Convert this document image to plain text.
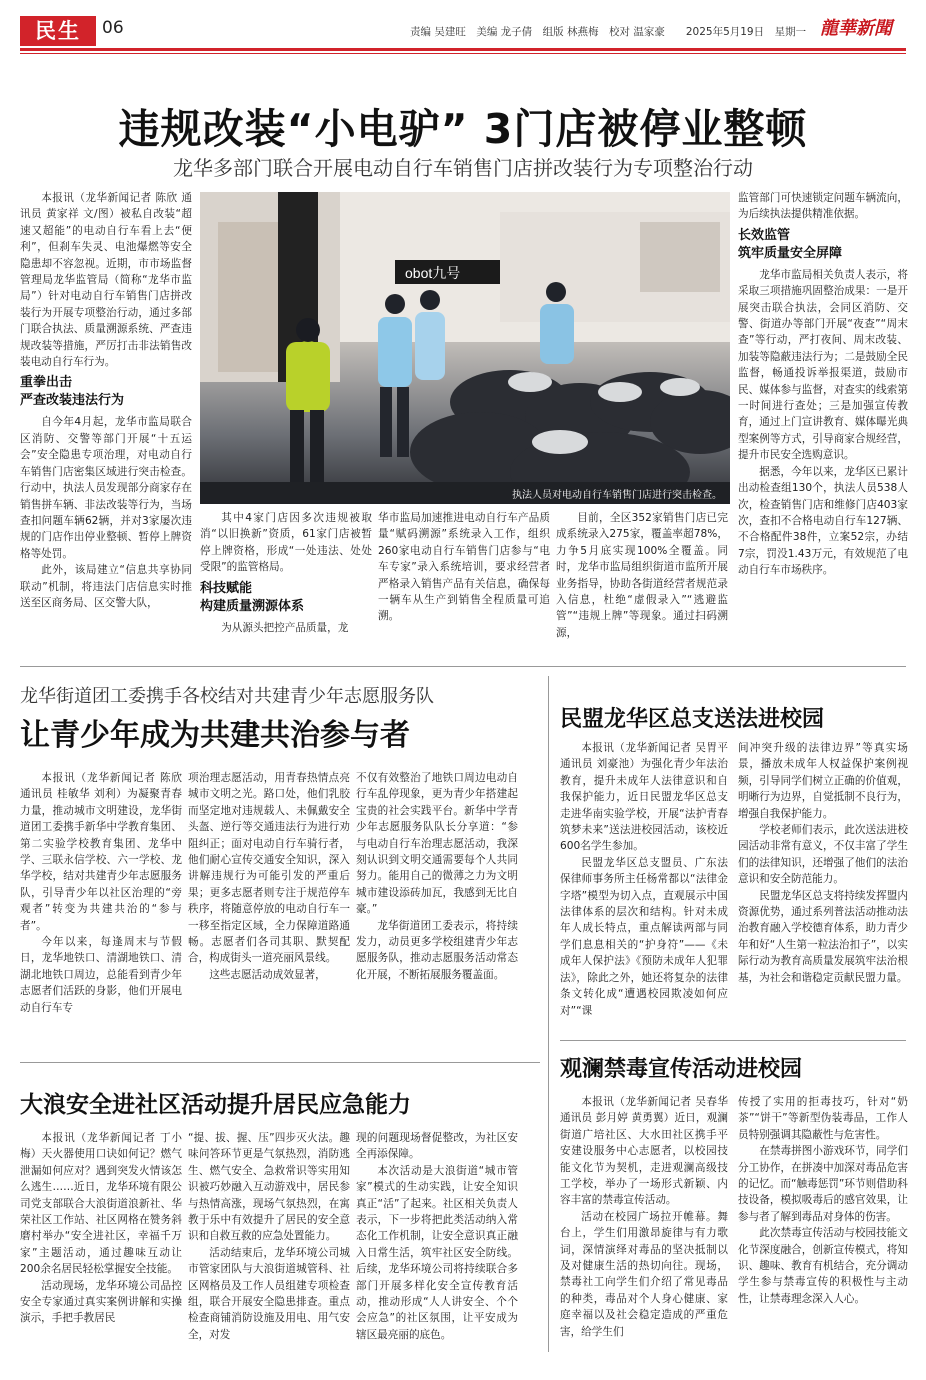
民生	06	责编 吴建旺　美编 龙子倩　组版 林燕梅　校对 温家豪　　2025年5月19日　星期一 龍華新聞
违规改装“小电驴” 3门店被停业整顿
龙华多部门联合开展电动自行车销售门店拼改装行为专项整治行动

本报讯（龙华新闻记者 陈欣 通讯员 黄家祥 文/图）被私自改装“超速又超能”的电动自行车看上去“便利”，但刹车失灵、电池爆燃等安全隐患却不容忽视。近期，市市场监督管理局龙华监管局（简称“龙华市监局”）针对电动自行车销售门店拼改装行为开展专项整治行动，通过多部门联合执法、质量溯源系统、严查违规改装等措施，严厉打击非法销售改装电动自行车行为。

重拳出击
严查改装违法行为

自今年4月起，龙华市监局联合区消防、交警等部门开展“十五运会”安全隐患专项治理，对电动自行车销售门店密集区域进行突击检查。行动中，执法人员发现部分商家存在销售拼车辆、非法改装等行为，当场查扣问题车辆62辆，并对3家屡次违规的门店作出停业整顿、暂停上牌资格等处罚。

此外，该局建立“信息共享协同联动”机制，将违法门店信息实时推送至区商务局、区交警大队，

obot九号
执法人员对电动自行车销售门店进行突击检查。

其中4家门店因多次违规被取消“以旧换新”资质，61家门店被暂停上牌资格，形成“一处违法、处处受限”的监管格局。

科技赋能
构建质量溯源体系

为从源头把控产品质量，龙

华市监局加速推进电动自行车产品质量“赋码溯源”系统录入工作，组织260家电动自行车销售门店参与“电车专家”录入系统培训，要求经营者严格录入销售产品有关信息，确保每一辆车从生产到销售全程质量可追溯。

目前，全区352家销售门店已完成系统录入275家，覆盖率超78%，力争5月底实现100%全覆盖。同时，龙华市监局组织街道市监所开展业务指导，协助各街道经营者规范录入信息，杜绝“虚假录入”“逃避监管”“违规上牌”等现象。通过扫码溯源，

监管部门可快速锁定问题车辆流向，为后续执法提供精准依据。

长效监管
筑牢质量安全屏障

龙华市监局相关负责人表示，将采取三项措施巩固整治成果：一是开展突击联合执法，会同区消防、交警、街道办等部门开展“夜查”“周末查”等行动，严打夜间、周末改装、加装等隐蔽违法行为；二是鼓励全民监督，畅通投诉举报渠道，鼓励市民、媒体参与监督，对查实的线索第一时间进行查处；三是加强宣传教育，通过上门宣讲教育、媒体曝光典型案例等方式，引导商家合规经营，提升市民安全选购意识。

据悉，今年以来，龙华区已累计出动检查组130个，执法人员538人次，检查销售门店和维修门店403家次，查扣不合格电动自行车127辆、不合格配件38件，立案52宗，办结7宗，罚没1.43万元，有效规范了电动自行车市场秩序。

龙华街道团工委携手各校结对共建青少年志愿服务队
让青少年成为共建共治参与者

本报讯（龙华新闻记者 陈欣 通讯员 桂敏华 刘利）为凝聚青春力量，推动城市文明建设，龙华街道团工委携手新华中学教育集团、第二实验学校教育集团、龙华中学、三联永信学校、六一学校、龙华学校，结对共建青少年志愿服务队，引导青少年以社区治理的“旁观者”转变为共建共治的“参与者”。

今年以来，每逢周末与节假日，龙华地铁口、清湖地铁口、清湖北地铁口周边，总能看到青少年志愿者们活跃的身影，他们开展电动自行车专

项治理志愿活动，用青春热情点亮城市文明之光。路口处，他们乳胶而坚定地对违规载人、未佩戴安全头盔、逆行等交通违法行为进行劝阻纠正；面对电动自行车骑行者，他们耐心宣传交通安全知识，深入讲解违规行为可能引发的严重后果；更多志愿者则专注于规范停车秩序，将随意停放的电动自行车一一移至指定区域，全力保障道路通畅。志愿者们各司其职、默契配合，构成街头一道亮丽风景线。

这些志愿活动成效显著，

不仅有效整治了地铁口周边电动自行车乱停现象，更为青少年搭建起宝贵的社会实践平台。新华中学青少年志愿服务队队长分享道：“参与电动自行车治理志愿活动，我深刻认识到文明交通需要每个人共同努力。能用自己的微薄之力为文明城市建设添砖加瓦，我感到无比自豪。”

龙华街道团工委表示，将持续发力，动员更多学校组建青少年志愿服务队，推动志愿服务活动常态化开展，不断拓展服务覆盖面。

民盟龙华区总支送法进校园

本报讯（龙华新闻记者 吴胃平 通讯员 刘豪池）为强化青少年法治教育，提升未成年人法律意识和自我保护能力，近日民盟龙华区总支走进华南实验学校，开展“法护青春 筑梦未来”送法进校园活动，该校近600名学生参加。

民盟龙华区总支盟员、广东法保律师事务所主任杨常都以“法律金字塔”模型为切入点，直观展示中国法律体系的层次和结构。针对未成年人成长特点，重点解读两部与同学们息息相关的“护身符”——《未成年人保护法》《预防未成年人犯罪法》，除此之外，她还将复杂的法律条文转化成“遭遇校园欺凌如何应对”“课

间冲突升级的法律边界”等真实场景，播放未成年人权益保护案例视频，引导同学们树立正确的价值观，明晰行为边界，自觉抵制不良行为，增强自我保护能力。

学校老师们表示，此次送法进校园活动非常有意义，不仅丰富了学生们的法律知识，还增强了他们的法治意识和安全防范能力。

民盟龙华区总支将持续发挥盟内资源优势，通过系列普法活动推动法治教育融入学校德育体系，助力青少年和好“人生第一粒法治扣子”，以实际行动为教育高质量发展筑牢法治根基，为社会和谐稳定贡献民盟力量。

观澜禁毒宣传活动进校园

本报讯（龙华新闻记者 吴春华 通讯员 彭月婷 黄勇翼）近日，观澜街道广培社区、大水田社区携手平安建设服务中心志愿者，以校园技能文化节为契机，走进观澜高级技工学校，举办了一场形式新颖、内容丰富的禁毒宣传活动。

活动在校园广场拉开帷幕。舞台上，学生们用激昂旋律与有力歌词，深情演绎对毒品的坚决抵制以及对健康生活的热切向往。现场，禁毒社工向学生们介绍了常见毒品的种类，毒品对个人身心健康、家庭幸福以及社会稳定造成的严重危害，给学生们

传授了实用的拒毒技巧，针对“奶茶”“饼干”等新型伪装毒品，工作人员特别强调其隐蔽性与危害性。

在禁毒拼图小游戏环节，同学们分工协作，在拼凑中加深对毒品危害的记忆。而“触毒惩罚”环节则借助科技设备，模拟吸毒后的感官效果，让参与者了解到毒品对身体的伤害。

此次禁毒宣传活动与校园技能文化节深度融合，创新宣传模式，将知识、趣味、教育有机结合，充分调动学生参与禁毒宣传的积极性与主动性，让禁毒理念深入人心。

大浪安全进社区活动提升居民应急能力

本报讯（龙华新闻记者 丁小梅）天火器使用口诀如何记？燃气泄漏如何应对？遇到突发火情该怎么逃生……近日，龙华环境有限公司党支部联合大浪街道浪新社、华荣社区工作站、社区网格在赞务斜磨村举办“安全进社区，幸福千万家”主题活动，通过趣味互动让200余名居民轻松掌握安全技能。

活动现场，龙华环境公司品控安全专家通过真实案例讲解和实操演示，手把手教居民

“提、拔、握、压”四步灭火法。趣味问答环节更是气氛热烈，消防逃生、燃气安全、急救常识等实用知识被巧妙融入互动游戏中，居民参与热情高涨，现场气氛热烈，在寓教于乐中有效提升了居民的安全意识和自救互救的应急处置能力。

活动结束后，龙华环境公司城市管家团队与大浪街道城管科、社区网格员及工作人员组建专项检查组，联合开展安全隐患排查。重点检查商铺消防设施及用电、用气安全，对发

现的问题现场督促整改，为社区安全再添保障。

本次活动是大浪街道“城市管家”模式的生动实践，让安全知识真正“活”了起来。社区相关负责人表示，下一步将把此类活动纳入常态化工作机制，让安全意识真正融入日常生活，筑牢社区安全防线。后续，龙华环境公司将持续联合多部门开展多样化安全宣传教育活动，推动形成“人人讲安全、个个会应急”的社区氛围，让平安成为辖区最亮丽的底色。
